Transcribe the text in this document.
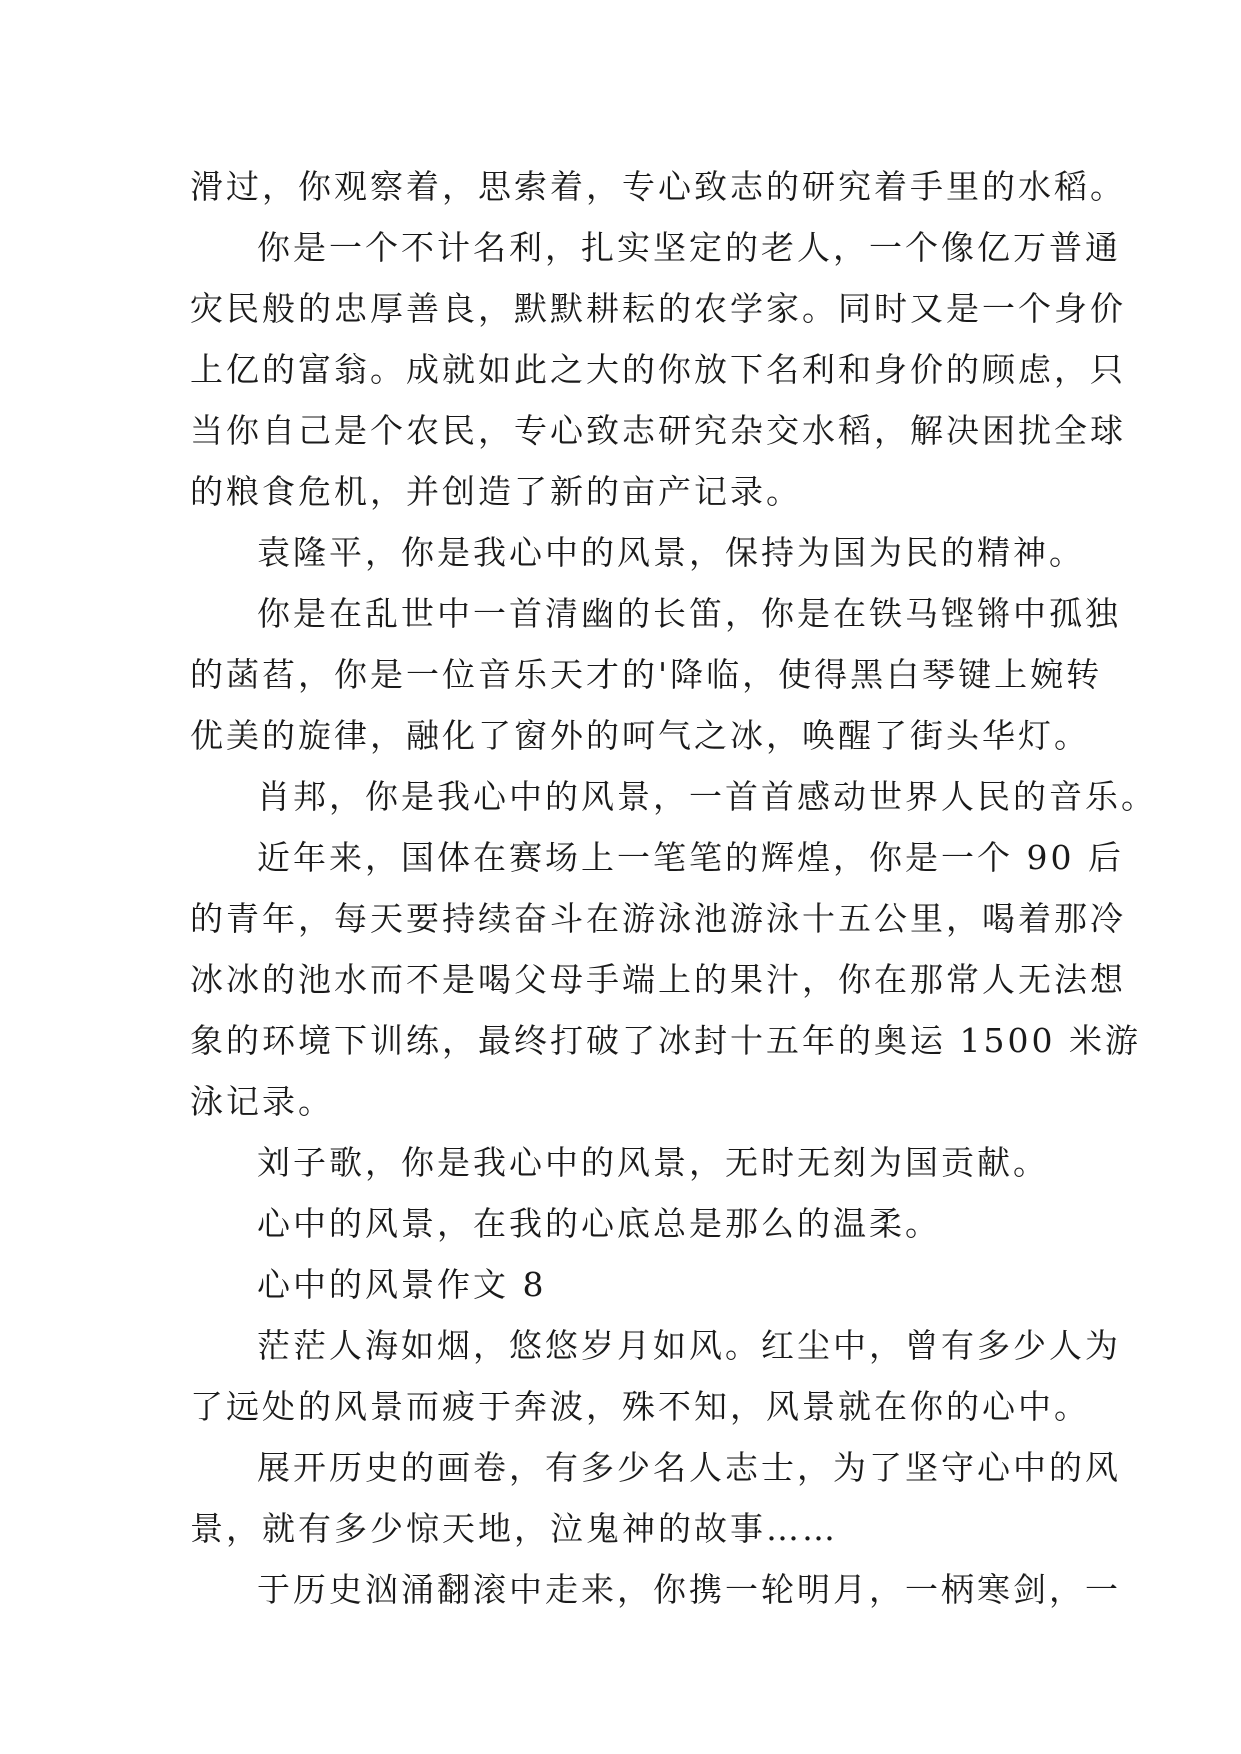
滑过，你观察着，思索着，专心致志的研究着手里的水稻。
你是一个不计名利，扎实坚定的老人，一个像亿万普通
灾民般的忠厚善良，默默耕耘的农学家。同时又是一个身价
上亿的富翁。成就如此之大的你放下名利和身价的顾虑，只
当你自己是个农民，专心致志研究杂交水稻，解决困扰全球
的粮食危机，并创造了新的亩产记录。
袁隆平，你是我心中的风景，保持为国为民的精神。
你是在乱世中一首清幽的长笛，你是在铁马铿锵中孤独
的菡萏，你是一位音乐天才的'降临，使得黑白琴键上婉转
优美的旋律，融化了窗外的呵气之冰，唤醒了街头华灯。
肖邦，你是我心中的风景，一首首感动世界人民的音乐。
近年来，国体在赛场上一笔笔的辉煌，你是一个 90 后
的青年，每天要持续奋斗在游泳池游泳十五公里，喝着那冷
冰冰的池水而不是喝父母手端上的果汁，你在那常人无法想
象的环境下训练，最终打破了冰封十五年的奥运 1500 米游
泳记录。
刘子歌，你是我心中的风景，无时无刻为国贡献。
心中的风景，在我的心底总是那么的温柔。
心中的风景作文 8
茫茫人海如烟，悠悠岁月如风。红尘中，曾有多少人为
了远处的风景而疲于奔波，殊不知，风景就在你的心中。
展开历史的画卷，有多少名人志士，为了坚守心中的风
景，就有多少惊天地，泣鬼神的故事……
于历史汹涌翻滚中走来，你携一轮明月，一柄寒剑，一
